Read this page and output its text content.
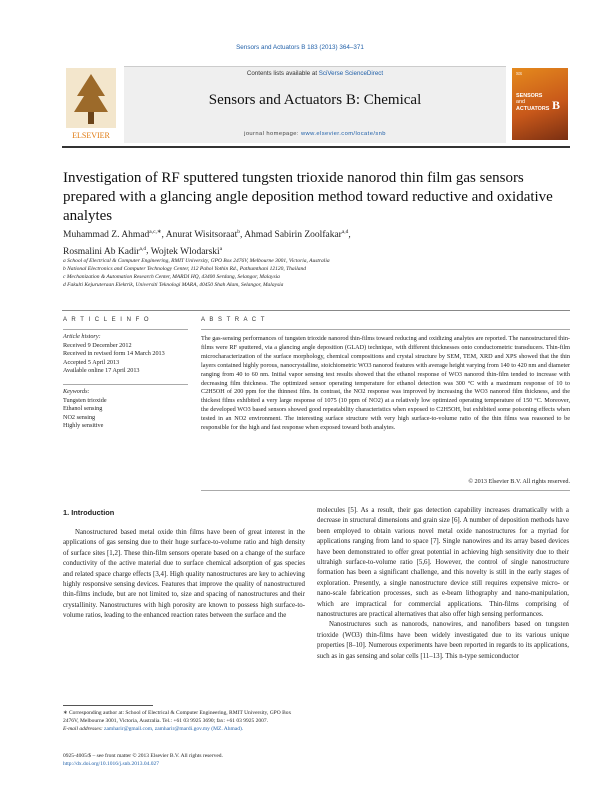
Sensors and Actuators B 183 (2013) 364–371
ELSEVIER
Contents lists available at SciVerse ScienceDirect
Sensors and Actuators B: Chemical
journal homepage: www.elsevier.com/locate/snb
SS
SENSORS
and
ACTUATORS B
Investigation of RF sputtered tungsten trioxide nanorod thin film gas sensors prepared with a glancing angle deposition method toward reductive and oxidative analytes
Muhammad Z. Ahmad$^{a,c,∗}$, Anurat Wisitsoraat$^b$, Ahmad Sabirin Zoolfakar$^{a,d}$,
Rosmalini Ab Kadir$^{a,d}$, Wojtek Wlodarski$^a$
a School of Electrical & Computer Engineering, RMIT University, GPO Box 2476V, Melbourne 3001, Victoria, Australia
b National Electronics and Computer Technology Center, 112 Pahol Yothin Rd., Pathumthani 12120, Thailand
c Mechanization & Automation Research Center, MARDI HQ, 43400 Serdang, Selangor, Malaysia
d Fakulti Kejuruteraan Elektrik, Universiti Teknologi MARA, 40450 Shah Alam, Selangor, Malaysia
A R T I C L E I N F O	A B S T R A C T
Article history:
Received 9 December 2012
Received in revised form 14 March 2013
Accepted 5 April 2013
Available online 17 April 2013
Keywords:
Tungsten trioxide
Ethanol sensing
NO2 sensing
Highly sensitive
The gas-sensing performances of tungsten trioxide nanorod thin-films toward reducing and oxidizing analytes are reported. The nanostructured thin-films were RF sputtered, via a glancing angle deposition (GLAD) technique, with different thicknesses onto conductometric transducers. Thin-film microcharacterization of the surface morphology, chemical compositions and crystal structure by SEM, TEM, XRD and XPS showed that the thin layers contained highly porous, nanocrystalline, stoichiometric WO3 nanorod features with average height varying from 140 to 420 nm and diameter ranging from 40 to 60 nm. Initial vapor sensing test results showed that the ethanol response of WO3 nanorod thin-film tended to increase with decreasing film thickness. The optimized sensor operating temperature for ethanol detection was 300 °C with a maximum response of 10 to C2H5OH of 200 ppm for the thinnest film. In contrast, the NO2 response was improved by increasing the WO3 nanorod film thickness, and the thickest films exhibited a very large response of 1075 (10 ppm of NO2) at a relatively low optimized operating temperature of 150 °C. Moreover, the developed WO3 based sensors showed good repeatability characteristics when exposed to C2H5OH, but exhibited some poisoning effects when tested in an NO2 environment. The interesting surface structure with very high surface-to-volume ratio of the thin films was reasoned to be responsible for the high and fast response when exposed toward both analytes.
© 2013 Elsevier B.V. All rights reserved.
1. Introduction
Nanostructured based metal oxide thin films have been of great interest in the applications of gas sensing due to their huge surface-to-volume ratio and high density of surface sites [1,2]. These thin-film sensors operate based on a change of the surface conductivity of the active material due to surface chemical adsorption of gas species and related space charge effects [3,4]. High quality nanostructures are key to achieving highly responsive sensing devices. Features that improve the quality of nanostructured thin-films include, but are not limited to, size and spacing of nanostructures and their crystallinity. Nanostructures with high porosity are known to possess high surface-to-volume ratios, leading to the enhanced reaction rates between the surface and the

molecules [5]. As a result, their gas detection capability increases dramatically with a decrease in structural dimensions and grain size [6]. A number of deposition methods have been employed to obtain various novel metal oxide nanostructures for a myriad for applications ranging from land to space [7]. Single nanowires and its array based devices have been demonstrated to offer great potential in achieving high sensitivity due to their ultrahigh surface-to-volume ratio [5,6]. However, the control of single nanostructure formation has been a significant challenge, and this novelty is still in the early stages of exploration. Presently, a single nanostructure device still requires expensive micro- or nano-scale fabrication processes, such as e-beam lithography and nano-manipulation, which are impractical for commercial applications. Thin-films comprising of nanostructures are practical alternatives that also offer high sensing performances.

Nanostructures such as nanorods, nanowires, and nanofibers based on tungsten trioxide (WO3) thin-films have been widely investigated due to its various unique properties [8–10]. Numerous experiments have been reported in regards to its applications, such as in gas sensing and solar cells [11–13]. This n-type semiconductor

∗ Corresponding author at: School of Electrical & Computer Engineering, RMIT University, GPO Box 2476V, Melbourne 3001, Victoria, Australia. Tel.: +61 03 9925 3690; fax: +61 03 9925 2007.
E-mail addresses: zamharir@gmail.com, zamharir@mardi.gov.my (MZ. Ahmad).
0925-4005/$ – see front matter © 2013 Elsevier B.V. All rights reserved.
http://dx.doi.org/10.1016/j.snb.2013.04.027
